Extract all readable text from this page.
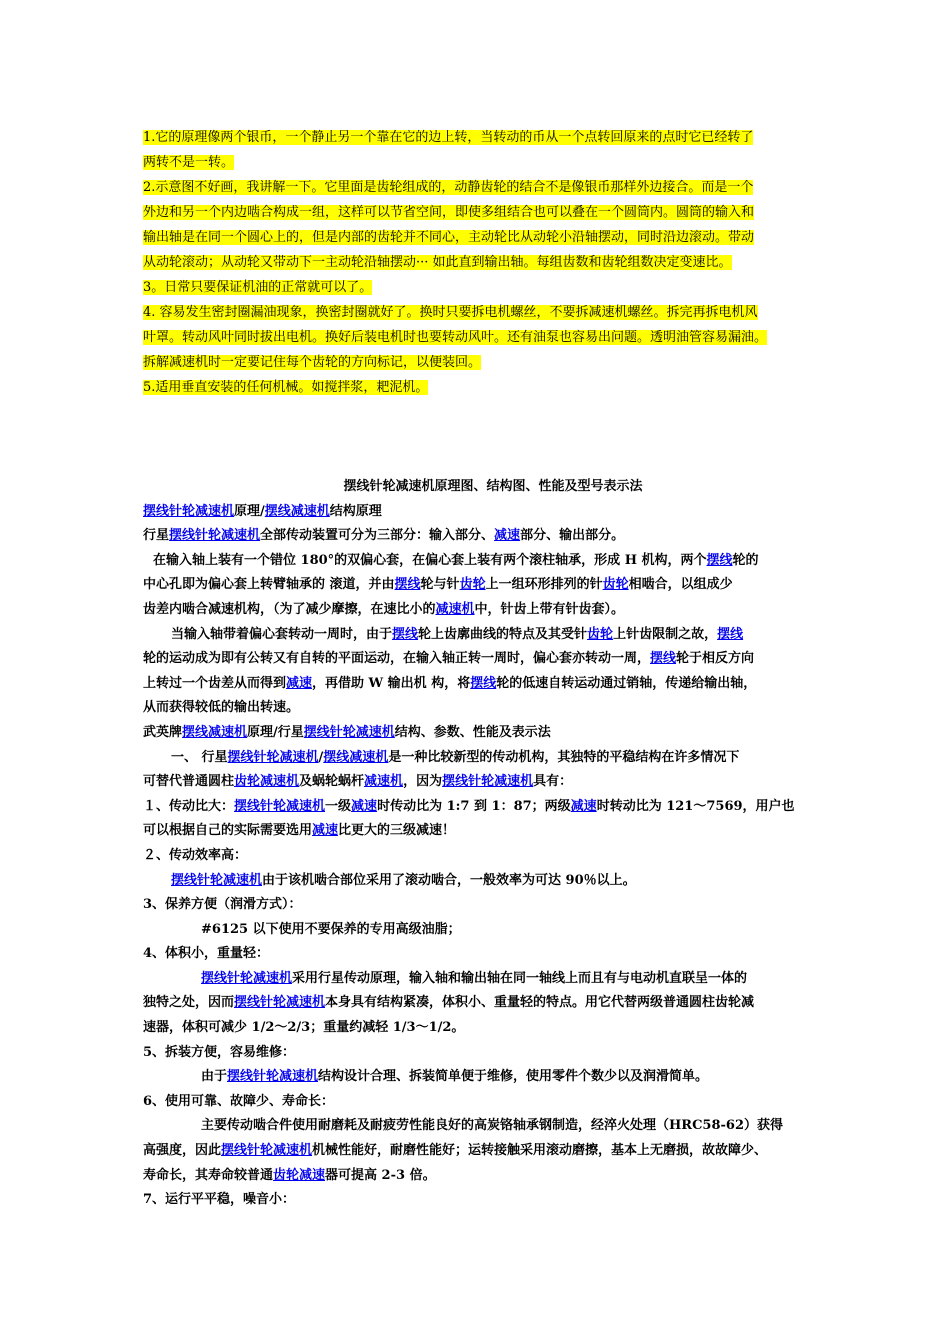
1.它的原理像两个银币，一个静止另一个靠在它的边上转，当转动的币从一个点转回原来的点时它已经转了
两转不是一转。
2.示意图不好画，我讲解一下。它里面是齿轮组成的，动静齿轮的结合不是像银币那样外边接合。而是一个
外边和另一个内边啮合构成一组，这样可以节省空间，即使多组结合也可以叠在一个圆筒内。圆筒的输入和
输出轴是在同一个圆心上的，但是内部的齿轮并不同心，主动轮比从动轮小沿轴摆动，同时沿边滚动。带动
从动轮滚动；从动轮又带动下一主动轮沿轴摆动··· 如此直到输出轴。每组齿数和齿轮组数决定变速比。
3。日常只要保证机油的正常就可以了。
4. 容易发生密封圈漏油现象，换密封圈就好了。换时只要拆电机螺丝，不要拆减速机螺丝。拆完再拆电机风
叶罩。转动风叶同时拔出电机。换好后装电机时也要转动风叶。还有油泵也容易出问题。透明油管容易漏油。
拆解减速机时一定要记住每个齿轮的方向标记，以便装回。
5.适用垂直安装的任何机械。如搅拌浆，耙泥机。
摆线针轮减速机原理图、结构图、性能及型号表示法
摆线针轮减速机原理/摆线减速机结构原理
行星摆线针轮减速机全部传动装置可分为三部分：输入部分、减速部分、输出部分。
在输入轴上装有一个错位 180°的双偏心套，在偏心套上装有两个滚柱轴承，形成 H 机构，两个摆线轮的
中心孔即为偏心套上转臂轴承的 滚道，并由摆线轮与针齿轮上一组环形排列的针齿轮相啮合，以组成少
齿差内啮合减速机构，（为了减少摩擦，在速比小的减速机中，针齿上带有针齿套）。
当输入轴带着偏心套转动一周时，由于摆线轮上齿廓曲线的特点及其受针齿轮上针齿限制之故，摆线
轮的运动成为即有公转又有自转的平面运动，在输入轴正转一周时，偏心套亦转动一周，摆线轮于相反方向
上转过一个齿差从而得到减速，再借助 W 输出机 构，将摆线轮的低速自转运动通过销轴，传递给输出轴，
从而获得较低的输出转速。
武英牌摆线减速机原理/行星摆线针轮减速机结构、参数、性能及表示法
一、 行星摆线针轮减速机/摆线减速机是一种比较新型的传动机构，其独特的平稳结构在许多情况下
可替代普通圆柱齿轮减速机及蜗轮蜗杆减速机，因为摆线针轮减速机具有：
１、传动比大：摆线针轮减速机一级减速时传动比为 1:7 到 1：87；两级减速时转动比为 121～7569，用户也
可以根据自己的实际需要选用减速比更大的三级减速！
２、传动效率高：
摆线针轮减速机由于该机啮合部位采用了滚动啮合，一般效率为可达 90％以上。
3、保养方便（润滑方式）：
#6125 以下使用不要保养的专用高级油脂；
4、体积小，重量轻：
摆线针轮减速机采用行星传动原理，输入轴和输出轴在同一轴线上而且有与电动机直联呈一体的
独特之处，因而摆线针轮减速机本身具有结构紧凑，体积小、重量轻的特点。用它代替两级普通圆柱齿轮减
速器，体积可减少 1/2～2/3；重量约减轻 1/3～1/2。
5、拆装方便，容易维修：
由于摆线针轮减速机结构设计合理、拆装简单便于维修，使用零件个数少以及润滑简单。
6、使用可靠、故障少、寿命长：
主要传动啮合件使用耐磨耗及耐疲劳性能良好的高炭铬轴承钢制造，经淬火处理（HRC58-62）获得
高强度，因此摆线针轮减速机机械性能好，耐磨性能好；运转接触采用滚动磨擦，基本上无磨损，故故障少、
寿命长，其寿命较普通齿轮减速器可提高 2-3 倍。
7、运行平平稳，噪音小：
